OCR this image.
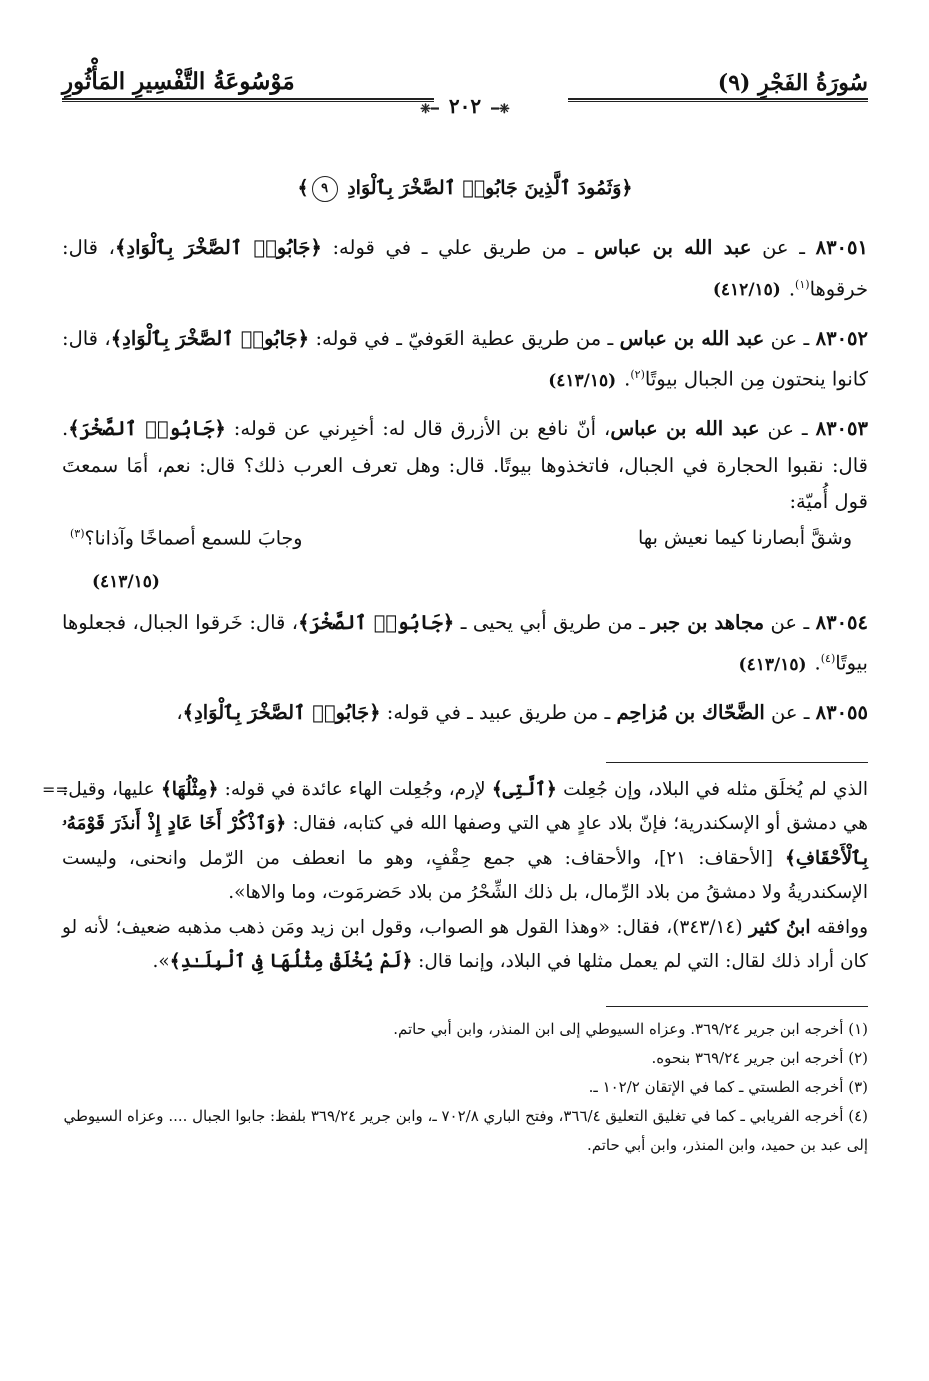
سُورَةُ الفَجْرِ (٩)
مَوْسُوعَةُ التَّفْسِيرِ المَأْثُورِ
❈━٢٠٢━❈
﴿وَثَمُودَ ٱلَّذِينَ جَابُوا۟ ٱلصَّخْرَ بِٱلْوَادِ ٩﴾
٨٣٠٥١ ـ عن عبد الله بن عباس ـ من طريق علي ـ في قوله: ﴿جَابُوا۟ ٱلصَّخْرَ بِٱلْوَادِ﴾، قال: خرقوها$^{(١)}$.(٤١٢/١٥)
٨٣٠٥٢ ـ عن عبد الله بن عباس ـ من طريق عطية العَوفيّ ـ في قوله: ﴿جَابُوا۟ ٱلصَّخْرَ بِٱلْوَادِ﴾، قال: كانوا ينحتون مِن الجبال بيوتًا$^{(٢)}$.(٤١٣/١٥)
٨٣٠٥٣ ـ عن عبد الله بن عباس، أنّ نافع بن الأزرق قال له: أخبِرني عن قوله: ﴿جَابُوا۟ ٱلصَّخْرَ﴾. قال: نقبوا الحجارة في الجبال، فاتخذوها بيوتًا. قال: وهل تعرف العرب ذلك؟ قال: نعم، أمَا سمعتَ قول أُميّة:
وشقَّ أبصارنا كيما نعيش بها
وجابَ للسمع أصماخًا وآذانا؟$^{(٣)}$
(٤١٣/١٥)
٨٣٠٥٤ ـ عن مجاهد بن جبر ـ من طريق أبي يحيى ـ ﴿جَابُوا۟ ٱلصَّخْرَ﴾، قال: خَرقوا الجبال، فجعلوها بيوتًا$^{(٤)}$.(٤١٣/١٥)
٨٣٠٥٥ ـ عن الضَّحّاك بن مُزاحِم ـ من طريق عبيد ـ في قوله: ﴿جَابُوا۟ ٱلصَّخْرَ بِٱلْوَادِ﴾،
==	الذي لم يُخلَق مثله في البلاد، وإن جُعِلت ﴿ٱلَّتِى﴾ لإرم، وجُعِلت الهاء عائدة في قوله: ﴿مِثْلُهَا﴾ عليها، وقيل: هي دمشق أو الإسكندرية؛ فإنّ بلاد عادٍ هي التي وصفها الله في كتابه، فقال: ﴿وَٱذْكُرْ أَخَا عَادٍ إِذْ أَنذَرَ قَوْمَهُۥ بِٱلْأَحْقَافِ﴾ [الأحقاف: ٢١]، والأحقاف: هي جمع حِقْفٍ، وهو ما انعطف من الرّمل وانحنى، وليست الإسكندريةُ ولا دمشقُ من بلاد الرِّمال، بل ذلك الشِّحْرُ من بلاد حَضرمَوت، وما والاها».

ووافقه ابنُ كثير (٣٤٣/١٤)، فقال: «وهذا القول هو الصواب، وقول ابن زيد ومَن ذهب مذهبه ضعيف؛ لأنه لو كان أراد ذلك لقال: التي لم يعمل مثلها في البلاد، وإنما قال: ﴿لَمْ يُخْلَقْ مِثْلُهَا فِى ٱلْبِلَـٰدِ﴾».

(١) أخرجه ابن جرير ٣٦٩/٢٤. وعزاه السيوطي إلى ابن المنذر، وابن أبي حاتم.

(٢) أخرجه ابن جرير ٣٦٩/٢٤ بنحوه.

(٣) أخرجه الطستي ـ كما في الإتقان ١٠٢/٢ ـ.

(٤) أخرجه الفريابي ـ كما في تغليق التعليق ٣٦٦/٤، وفتح الباري ٧٠٢/٨ ـ، وابن جرير ٣٦٩/٢٤ بلفظ: جابوا الجبال .... وعزاه السيوطي إلى عبد بن حميد، وابن المنذر، وابن أبي حاتم.
